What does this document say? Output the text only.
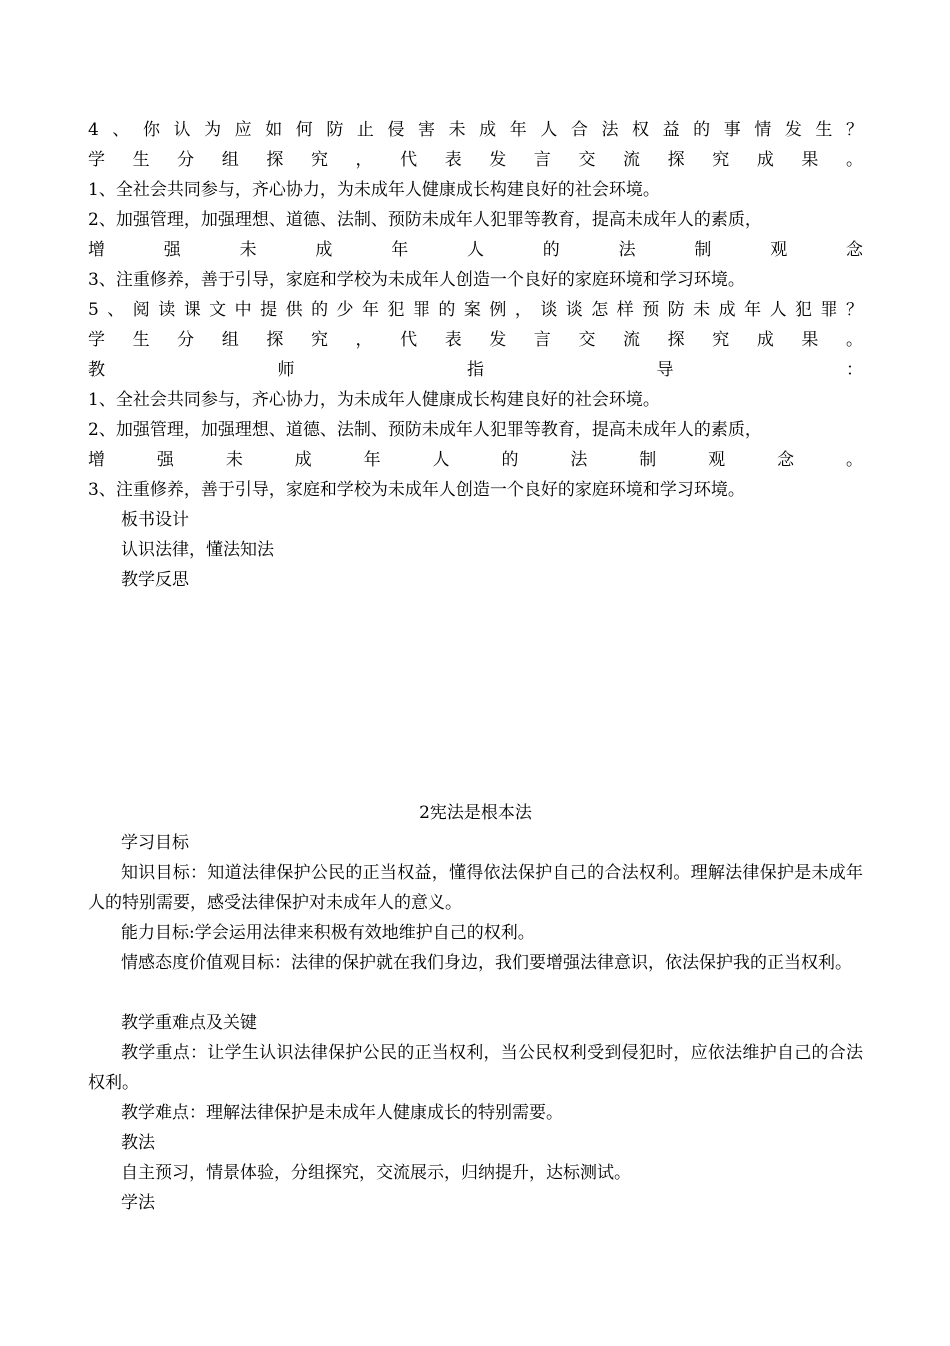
4、你认为应如何防止侵害未成年人合法权益的事情发生？
学生分组探究，代表发言交流探究成果。
1、全社会共同参与，齐心协力，为未成年人健康成长构建良好的社会环境。
2、加强管理，加强理想、道德、法制、预防未成年人犯罪等教育，提高未成年人的素质，
增强未成年人的法制观念
3、注重修养，善于引导，家庭和学校为未成年人创造一个良好的家庭环境和学习环境。
5、阅读课文中提供的少年犯罪的案例，谈谈怎样预防未成年人犯罪？
学生分组探究，代表发言交流探究成果。
教师指导：
1、全社会共同参与，齐心协力，为未成年人健康成长构建良好的社会环境。
2、加强管理，加强理想、道德、法制、预防未成年人犯罪等教育，提高未成年人的素质，
增强未成年人的法制观念。
3、注重修养，善于引导，家庭和学校为未成年人创造一个良好的家庭环境和学习环境。
板书设计
认识法律，懂法知法
教学反思
2宪法是根本法
学习目标
知识目标：知道法律保护公民的正当权益，懂得依法保护自己的合法权利。理解法律保护是未成年人的特别需要，感受法律保护对未成年人的意义。
能力目标:学会运用法律来积极有效地维护自己的权利。
情感态度价值观目标：法律的保护就在我们身边，我们要增强法律意识，依法保护我的正当权利。
教学重难点及关键
教学重点：让学生认识法律保护公民的正当权利，当公民权利受到侵犯时，应依法维护自己的合法权利。
教学难点：理解法律保护是未成年人健康成长的特别需要。
教法
自主预习，情景体验，分组探究，交流展示，归纳提升，达标测试。
学法
